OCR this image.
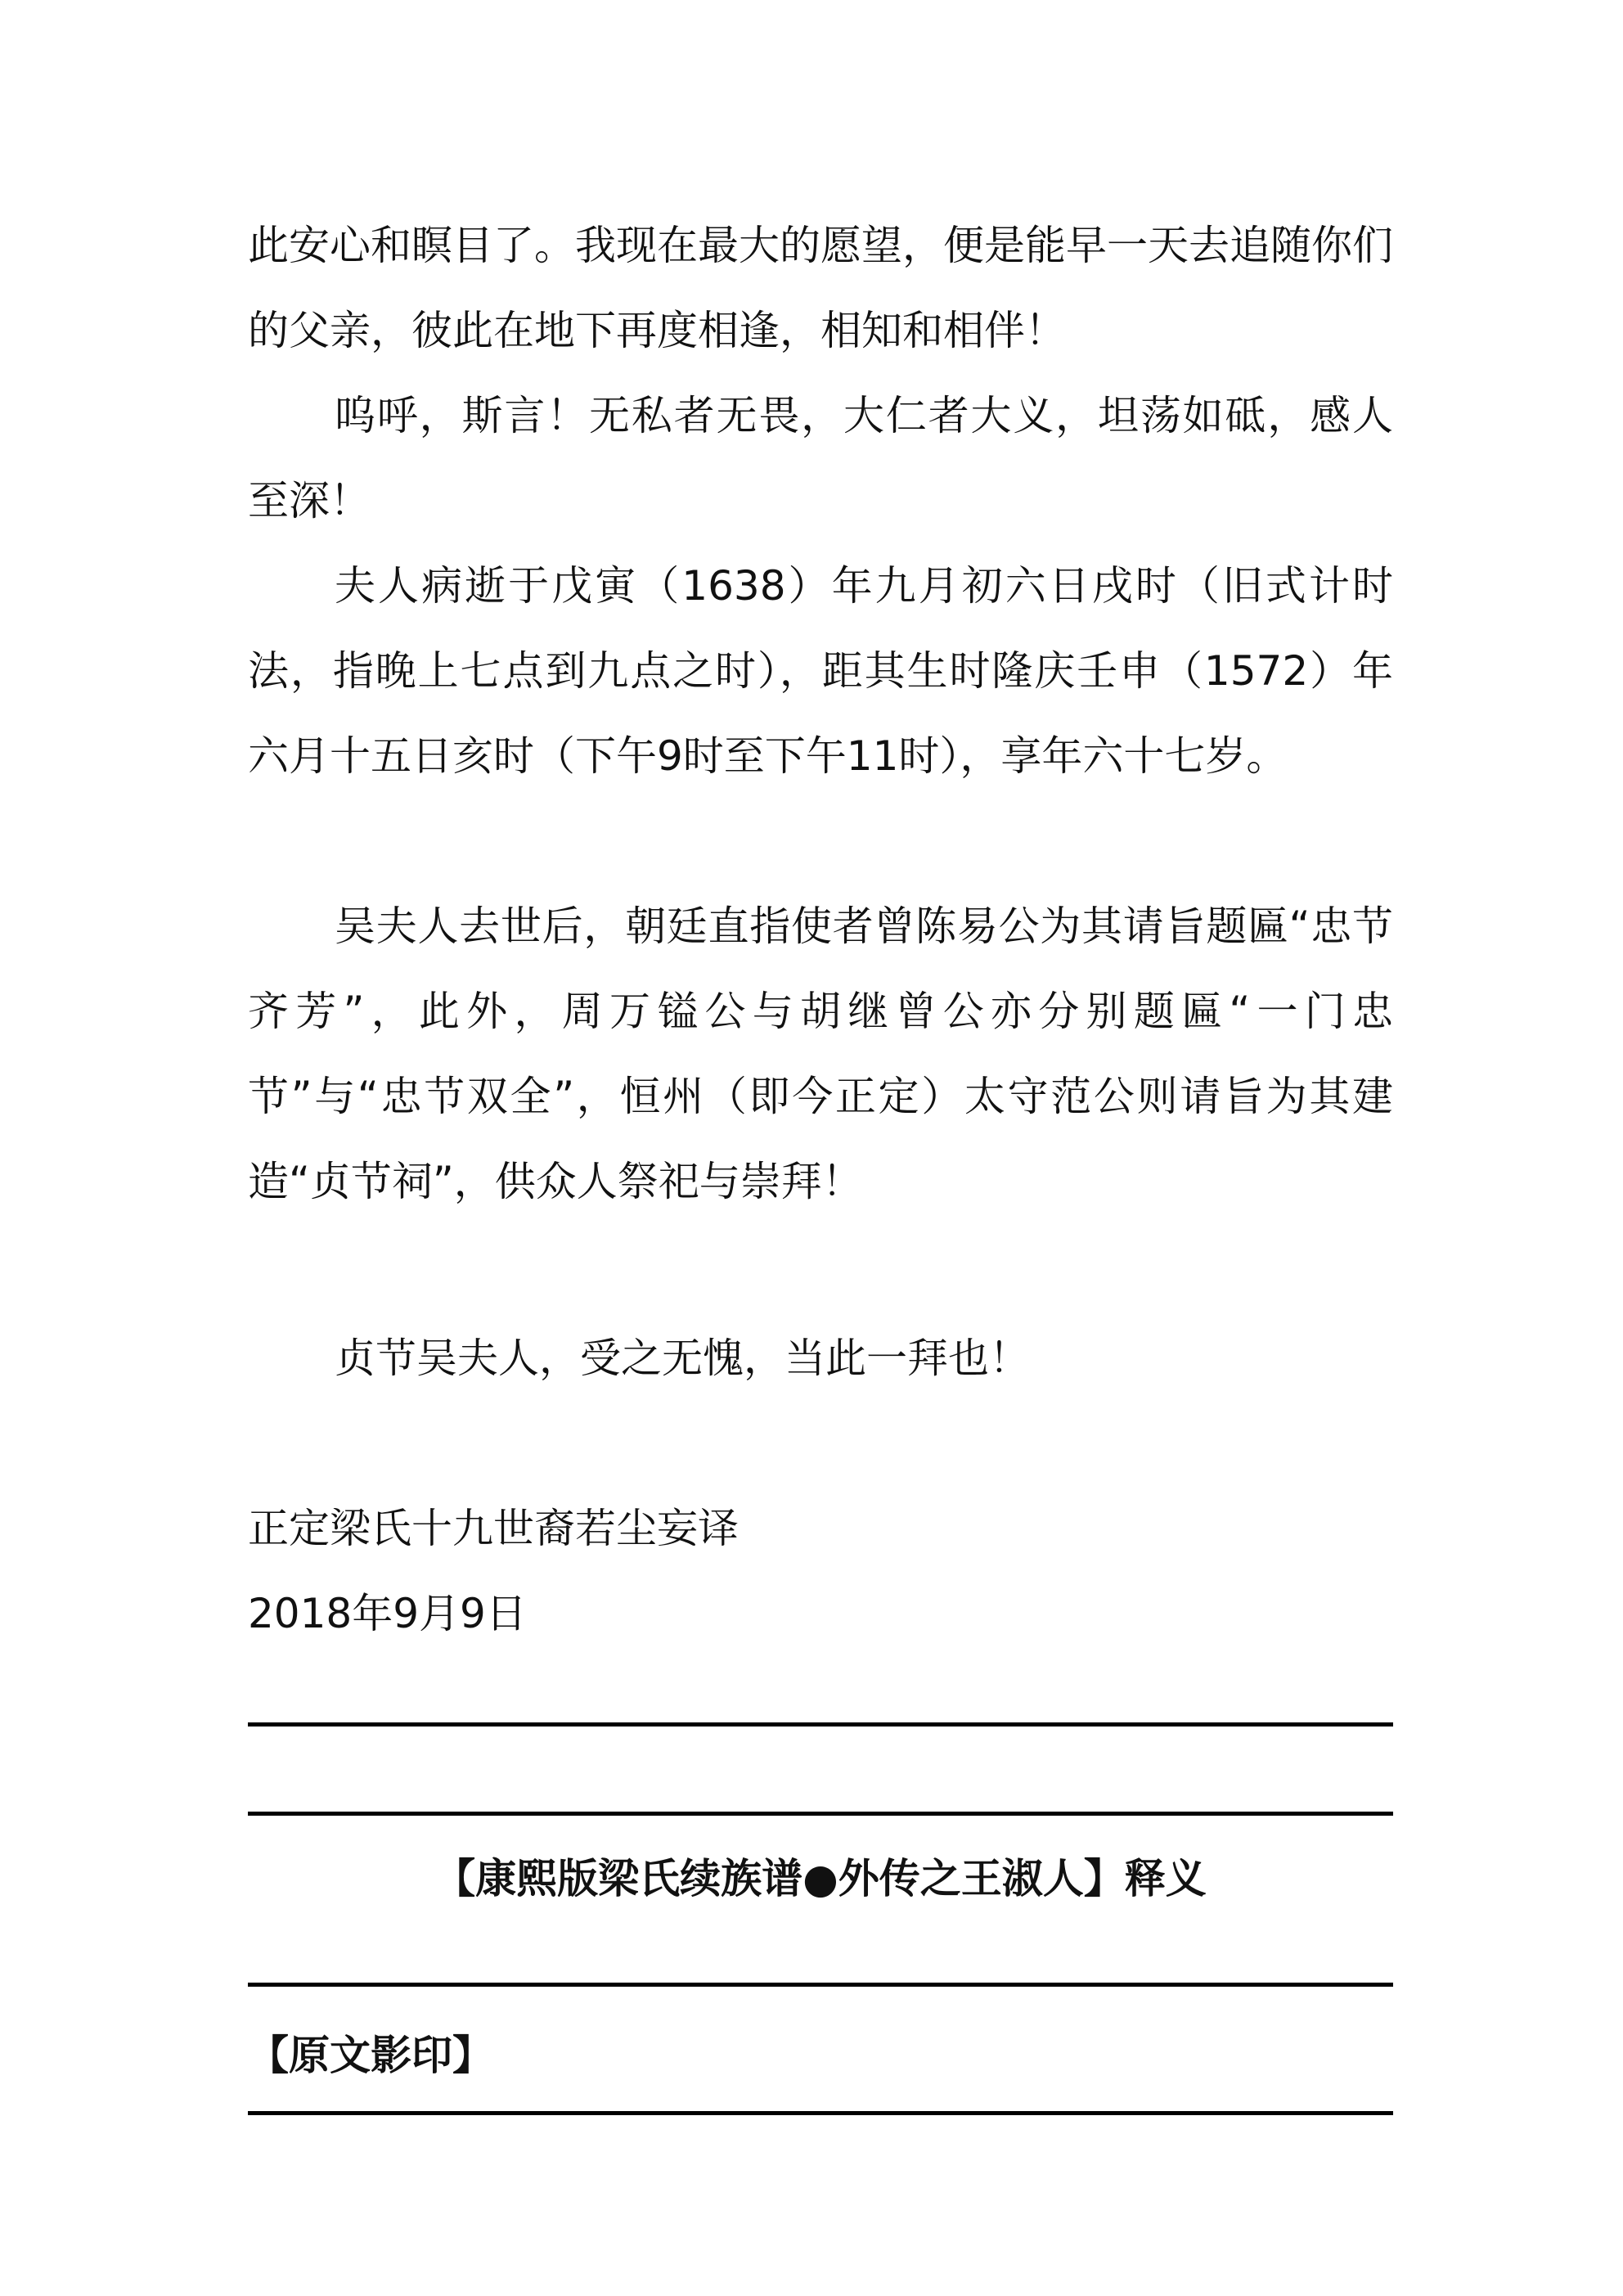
此安心和瞑目了。我现在最大的愿望，便是能早一天去追随你们的父亲，彼此在地下再度相逢，相知和相伴！

呜呼，斯言！无私者无畏，大仁者大义，坦荡如砥，感人至深！

夫人病逝于戊寅（1638）年九月初六日戌时（旧式计时法，指晚上七点到九点之时），距其生时隆庆壬申（1572）年六月十五日亥时（下午9时至下午11时），享年六十七岁。

吴夫人去世后，朝廷直指使者曾陈易公为其请旨题匾“忠节齐芳”，此外，周万镒公与胡继曾公亦分别题匾“一门忠节”与“忠节双全”，恒州（即今正定）太守范公则请旨为其建造“贞节祠”，供众人祭祀与崇拜！

贞节吴夫人，受之无愧，当此一拜也！

正定梁氏十九世裔若尘妄译

2018年9月9日

【康熙版梁氏续族谱●外传之王淑人】释义
【原文影印】
